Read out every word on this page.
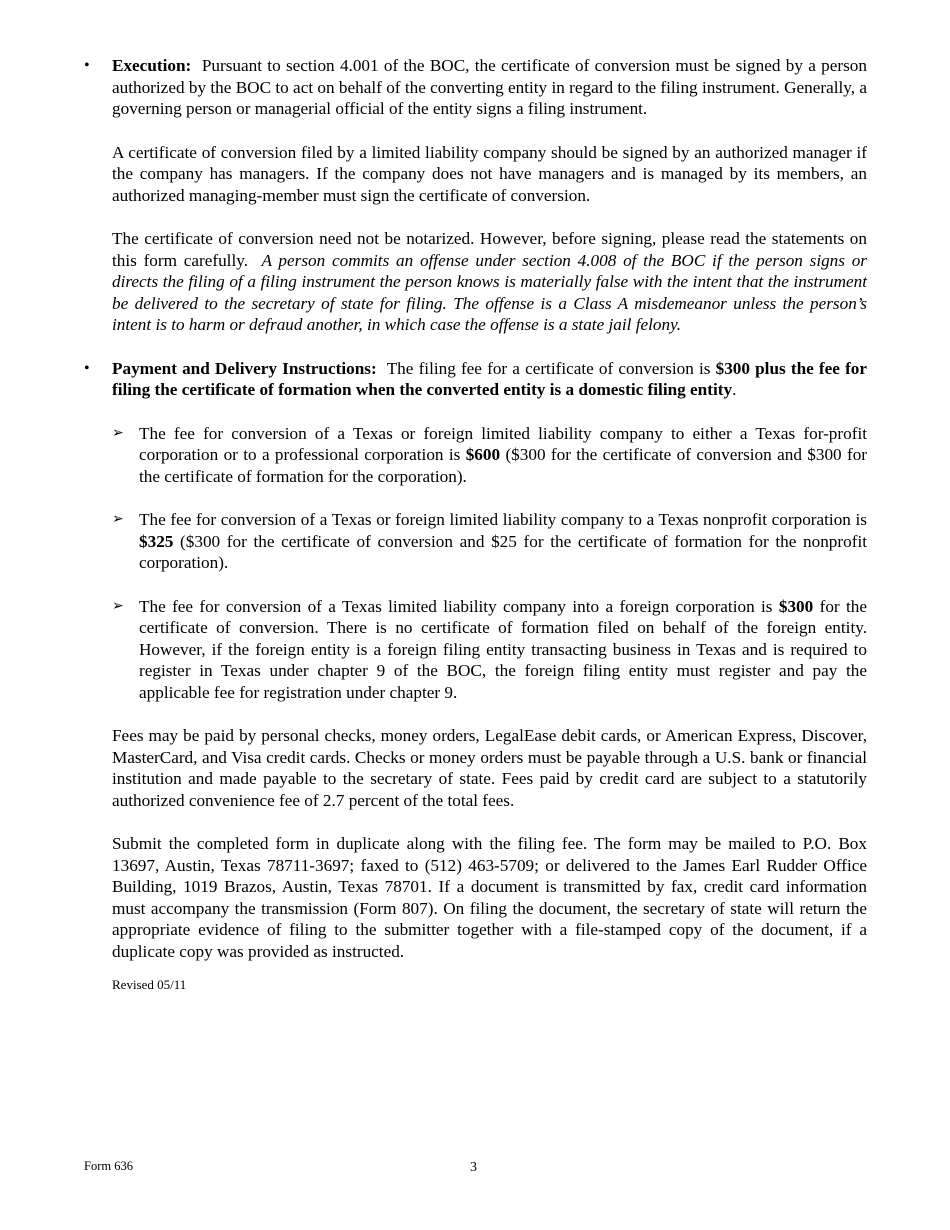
• Execution: Pursuant to section 4.001 of the BOC, the certificate of conversion must be signed by a person authorized by the BOC to act on behalf of the converting entity in regard to the filing instrument. Generally, a governing person or managerial official of the entity signs a filing instrument.

A certificate of conversion filed by a limited liability company should be signed by an authorized manager if the company has managers. If the company does not have managers and is managed by its members, an authorized managing-member must sign the certificate of conversion.

The certificate of conversion need not be notarized. However, before signing, please read the statements on this form carefully. A person commits an offense under section 4.008 of the BOC if the person signs or directs the filing of a filing instrument the person knows is materially false with the intent that the instrument be delivered to the secretary of state for filing. The offense is a Class A misdemeanor unless the person’s intent is to harm or defraud another, in which case the offense is a state jail felony.

• Payment and Delivery Instructions: The filing fee for a certificate of conversion is $300 plus the fee for filing the certificate of formation when the converted entity is a domestic filing entity.

➢ The fee for conversion of a Texas or foreign limited liability company to either a Texas for-profit corporation or to a professional corporation is $600 ($300 for the certificate of conversion and $300 for the certificate of formation for the corporation).

➢ The fee for conversion of a Texas or foreign limited liability company to a Texas nonprofit corporation is $325 ($300 for the certificate of conversion and $25 for the certificate of formation for the nonprofit corporation).

➢ The fee for conversion of a Texas limited liability company into a foreign corporation is $300 for the certificate of conversion. There is no certificate of formation filed on behalf of the foreign entity. However, if the foreign entity is a foreign filing entity transacting business in Texas and is required to register in Texas under chapter 9 of the BOC, the foreign filing entity must register and pay the applicable fee for registration under chapter 9.

Fees may be paid by personal checks, money orders, LegalEase debit cards, or American Express, Discover, MasterCard, and Visa credit cards. Checks or money orders must be payable through a U.S. bank or financial institution and made payable to the secretary of state. Fees paid by credit card are subject to a statutorily authorized convenience fee of 2.7 percent of the total fees.

Submit the completed form in duplicate along with the filing fee. The form may be mailed to P.O. Box 13697, Austin, Texas 78711-3697; faxed to (512) 463-5709; or delivered to the James Earl Rudder Office Building, 1019 Brazos, Austin, Texas 78701. If a document is transmitted by fax, credit card information must accompany the transmission (Form 807). On filing the document, the secretary of state will return the appropriate evidence of filing to the submitter together with a file-stamped copy of the document, if a duplicate copy was provided as instructed.

Revised 05/11

Form 636	3
